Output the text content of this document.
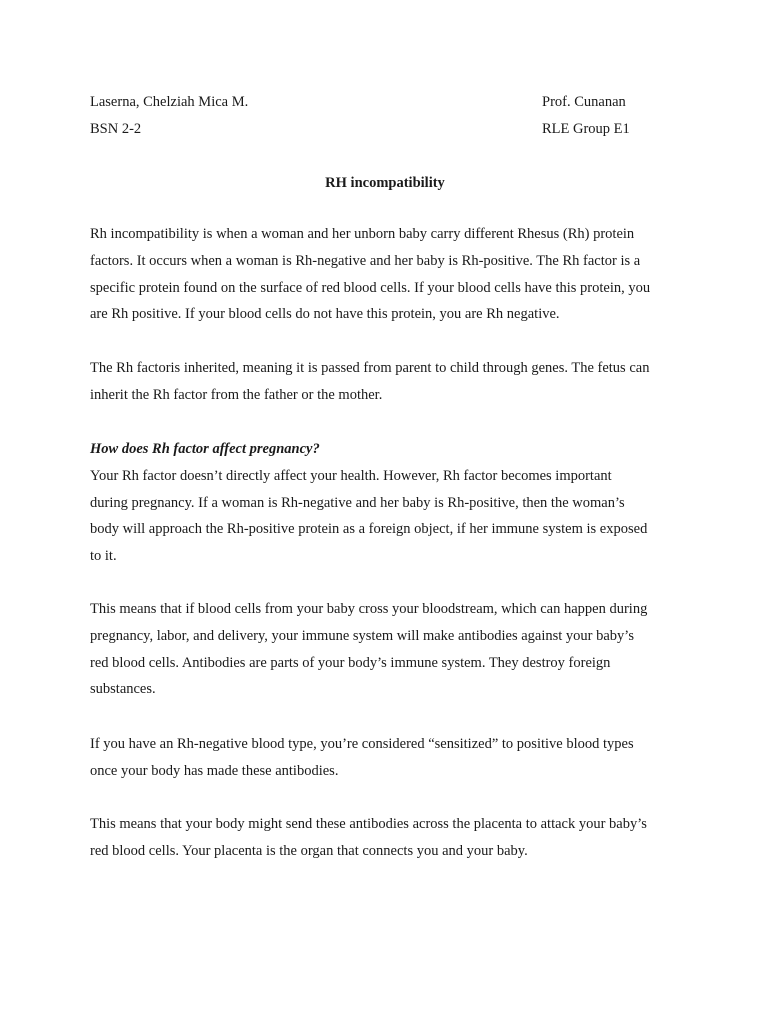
Laserna, Chelziah Mica M.	Prof. Cunanan
BSN 2-2	RLE Group E1
RH incompatibility

Rh incompatibility is when a woman and her unborn baby carry different Rhesus (Rh) protein
factors. It occurs when a woman is Rh-negative and her baby is Rh-positive. The Rh factor is a
specific protein found on the surface of red blood cells. If your blood cells have this protein, you
are Rh positive. If your blood cells do not have this protein, you are Rh negative.

The Rh factoris inherited, meaning it is passed from parent to child through genes. The fetus can
inherit the Rh factor from the father or the mother.

How does Rh factor affect pregnancy?
Your Rh factor doesn’t directly affect your health. However, Rh factor becomes important
during pregnancy. If a woman is Rh-negative and her baby is Rh-positive, then the woman’s
body will approach the Rh-positive protein as a foreign object, if her immune system is exposed
to it.

This means that if blood cells from your baby cross your bloodstream, which can happen during
pregnancy, labor, and delivery, your immune system will make antibodies against your baby’s
red blood cells. Antibodies are parts of your body’s immune system. They destroy foreign
substances.

If you have an Rh-negative blood type, you’re considered “sensitized” to positive blood types
once your body has made these antibodies.

This means that your body might send these antibodies across the placenta to attack your baby’s
red blood cells. Your placenta is the organ that connects you and your baby.
